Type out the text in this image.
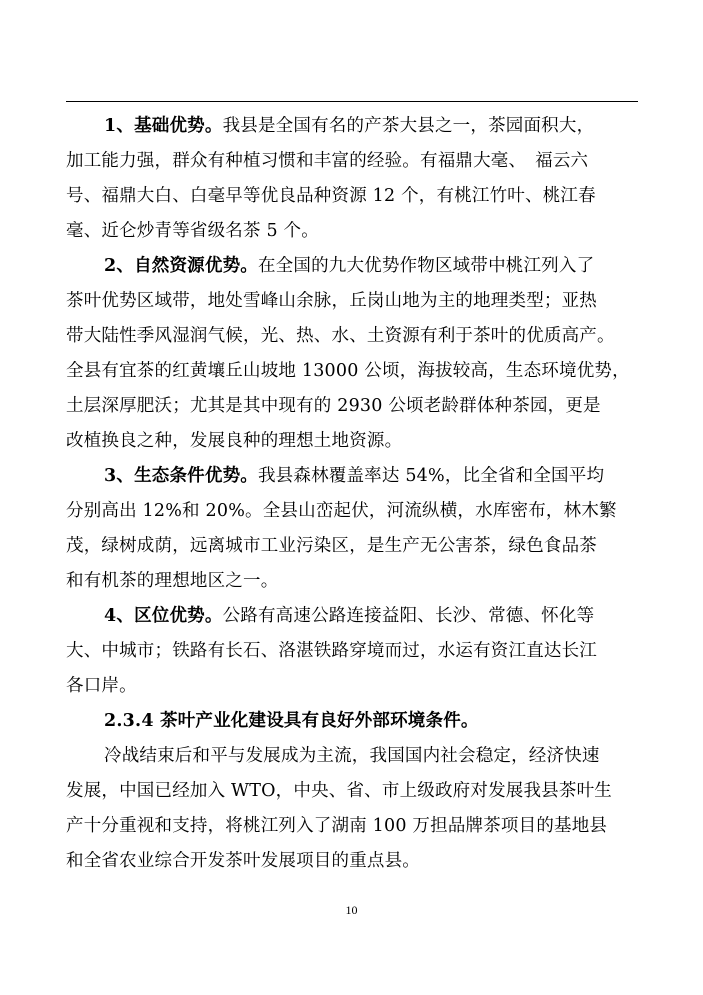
1、基础优势。我县是全国有名的产茶大县之一，茶园面积大，
加工能力强，群众有种植习惯和丰富的经验。有福鼎大毫、　福云六
号、福鼎大白、白毫早等优良品种资源 12 个，有桃江竹叶、桃江春
毫、近仑炒青等省级名茶 5 个。
2、自然资源优势。在全国的九大优势作物区域带中桃江列入了
茶叶优势区域带，地处雪峰山余脉，丘岗山地为主的地理类型；亚热
带大陆性季风湿润气候，光、热、水、土资源有利于茶叶的优质高产。
全县有宜茶的红黄壤丘山坡地 13000 公顷，海拔较高，生态环境优势，
土层深厚肥沃；尤其是其中现有的 2930 公顷老龄群体种茶园，更是
改植换良之种，发展良种的理想土地资源。
3、生态条件优势。我县森林覆盖率达 54%，比全省和全国平均
分别高出 12%和 20%。全县山峦起伏，河流纵横，水库密布，林木繁
茂，绿树成荫，远离城市工业污染区，是生产无公害茶，绿色食品茶
和有机茶的理想地区之一。
4、区位优势。公路有高速公路连接益阳、长沙、常德、怀化等
大、中城市；铁路有长石、洛湛铁路穿境而过，水运有资江直达长江
各口岸。
2.3.4 茶叶产业化建设具有良好外部环境条件。
冷战结束后和平与发展成为主流，我国国内社会稳定，经济快速
发展，中国已经加入 WTO，中央、省、市上级政府对发展我县茶叶生
产十分重视和支持，将桃江列入了湖南 100 万担品牌茶项目的基地县
和全省农业综合开发茶叶发展项目的重点县。
10
